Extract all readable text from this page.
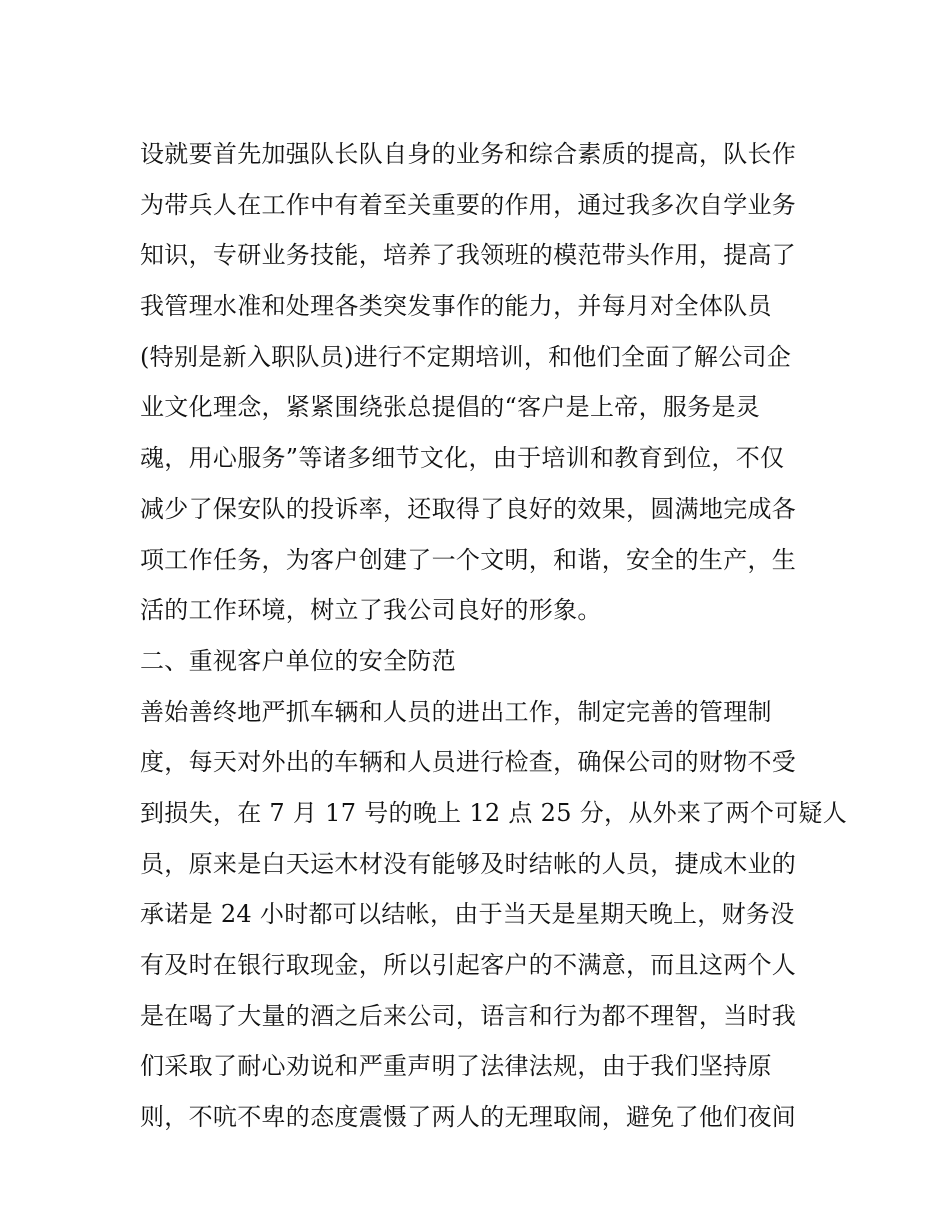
设就要首先加强队长队自身的业务和综合素质的提高，队长作
为带兵人在工作中有着至关重要的作用，通过我多次自学业务
知识，专研业务技能，培养了我领班的模范带头作用，提高了
我管理水准和处理各类突发事作的能力，并每月对全体队员
(特别是新入职队员)进行不定期培训，和他们全面了解公司企
业文化理念，紧紧围绕张总提倡的“客户是上帝，服务是灵
魂，用心服务”等诸多细节文化，由于培训和教育到位，不仅
减少了保安队的投诉率，还取得了良好的效果，圆满地完成各
项工作任务，为客户创建了一个文明，和谐，安全的生产，生
活的工作环境，树立了我公司良好的形象。
二、重视客户单位的安全防范
善始善终地严抓车辆和人员的进出工作，制定完善的管理制
度，每天对外出的车辆和人员进行检查，确保公司的财物不受
到损失，在 7 月 17 号的晚上 12 点 25 分，从外来了两个可疑人
员，原来是白天运木材没有能够及时结帐的人员，捷成木业的
承诺是 24 小时都可以结帐，由于当天是星期天晚上，财务没
有及时在银行取现金，所以引起客户的不满意，而且这两个人
是在喝了大量的酒之后来公司，语言和行为都不理智，当时我
们采取了耐心劝说和严重声明了法律法规，由于我们坚持原
则，不吭不卑的态度震慑了两人的无理取闹，避免了他们夜间
